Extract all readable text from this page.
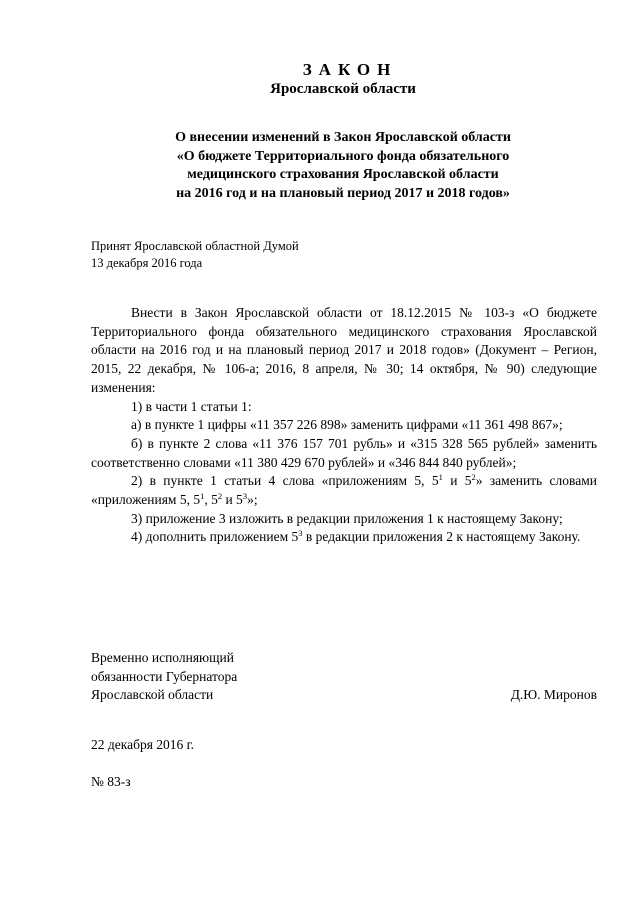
ЗАКОН
Ярославской области
О внесении изменений в Закон Ярославской области
«О бюджете Территориального фонда обязательного
медицинского страхования Ярославской области
на 2016 год и на плановый период 2017 и 2018 годов»
Принят Ярославской областной Думой
13 декабря 2016 года

Внести в Закон Ярославской области от 18.12.2015 № 103-з «О бюджете Территориального фонда обязательного медицинского страхования Ярославской области на 2016 год и на плановый период 2017 и 2018 годов» (Документ – Регион, 2015, 22 декабря, № 106-а; 2016, 8 апреля, № 30; 14 октября, № 90) следующие изменения:

1) в части 1 статьи 1:

а) в пункте 1 цифры «11 357 226 898» заменить цифрами «11 361 498 867»;

б) в пункте 2 слова «11 376 157 701 рубль» и «315 328 565 рублей» заменить соответственно словами «11 380 429 670 рублей» и «346 844 840 рублей»;

2) в пункте 1 статьи 4 слова «приложениям 5, $5^1$ и $5^2$» заменить словами «приложениям 5, $5^1$, $5^2$ и $5^3$»;

3) приложение 3 изложить в редакции приложения 1 к настоящему Закону;

4) дополнить приложением $5^3$ в редакции приложения 2 к настоящему Закону.

Временно исполняющий
обязанности Губернатора
Ярославской области	Д.Ю. Миронов
22 декабря 2016 г.
№ 83-з
